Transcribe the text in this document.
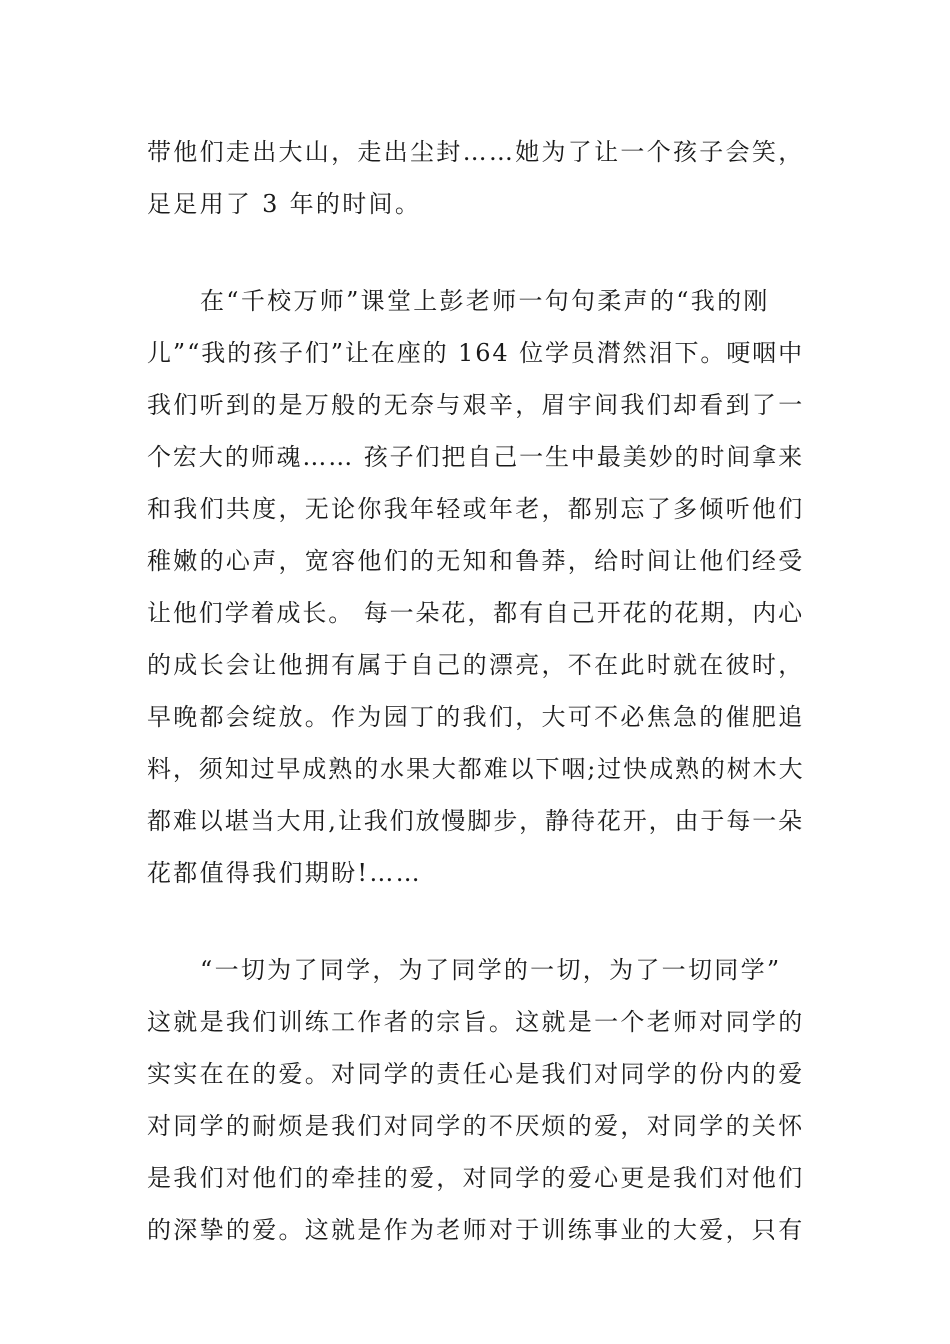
带他们走出大山，走出尘封……她为了让一个孩子会笑，
足足用了 3 年的时间。
在“千校万师”课堂上彭老师一句句柔声的“我的刚
儿”“我的孩子们”让在座的 164 位学员潸然泪下。哽咽中
我们听到的是万般的无奈与艰辛，眉宇间我们却看到了一
个宏大的师魂…… 孩子们把自己一生中最美妙的时间拿来
和我们共度，无论你我年轻或年老，都别忘了多倾听他们
稚嫩的心声，宽容他们的无知和鲁莽，给时间让他们经受
让他们学着成长。 每一朵花，都有自己开花的花期，内心
的成长会让他拥有属于自己的漂亮，不在此时就在彼时，
早晚都会绽放。作为园丁的我们，大可不必焦急的催肥追
料，须知过早成熟的水果大都难以下咽;过快成熟的树木大
都难以堪当大用,让我们放慢脚步，静待花开，由于每一朵
花都值得我们期盼!……
“一切为了同学，为了同学的一切，为了一切同学”
这就是我们训练工作者的宗旨。这就是一个老师对同学的
实实在在的爱。对同学的责任心是我们对同学的份内的爱
对同学的耐烦是我们对同学的不厌烦的爱，对同学的关怀
是我们对他们的牵挂的爱，对同学的爱心更是我们对他们
的深挚的爱。这就是作为老师对于训练事业的大爱，只有
